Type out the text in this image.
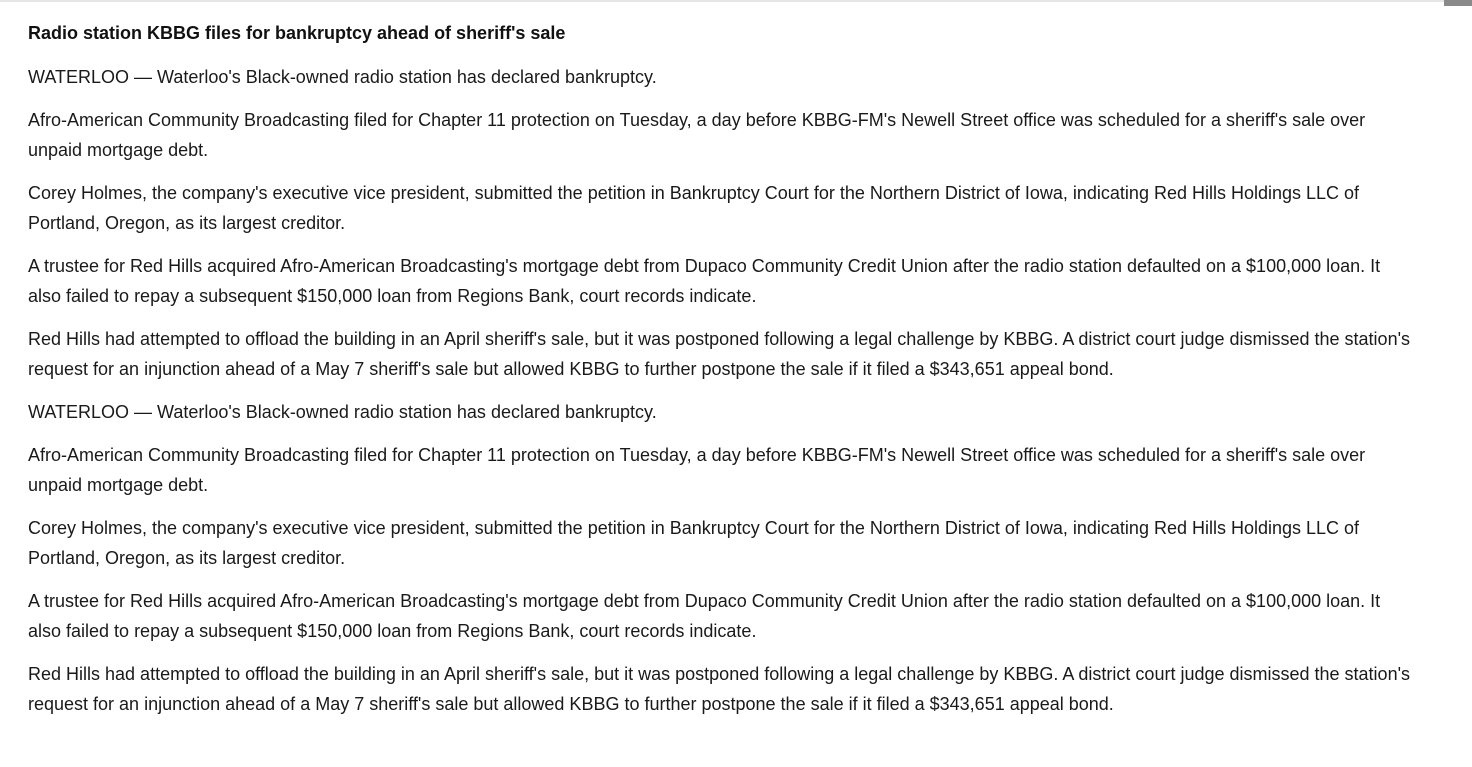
Radio station KBBG files for bankruptcy ahead of sheriff's sale

WATERLOO — Waterloo's Black-owned radio station has declared bankruptcy.

Afro-American Community Broadcasting filed for Chapter 11 protection on Tuesday, a day before KBBG-FM's Newell Street office was scheduled for a sheriff's sale over unpaid mortgage debt.

Corey Holmes, the company's executive vice president, submitted the petition in Bankruptcy Court for the Northern District of Iowa, indicating Red Hills Holdings LLC of Portland, Oregon, as its largest creditor.

A trustee for Red Hills acquired Afro-American Broadcasting's mortgage debt from Dupaco Community Credit Union after the radio station defaulted on a $100,000 loan. It also failed to repay a subsequent $150,000 loan from Regions Bank, court records indicate.

Red Hills had attempted to offload the building in an April sheriff's sale, but it was postponed following a legal challenge by KBBG. A district court judge dismissed the station's request for an injunction ahead of a May 7 sheriff's sale but allowed KBBG to further postpone the sale if it filed a $343,651 appeal bond.

WATERLOO — Waterloo's Black-owned radio station has declared bankruptcy.

Afro-American Community Broadcasting filed for Chapter 11 protection on Tuesday, a day before KBBG-FM's Newell Street office was scheduled for a sheriff's sale over unpaid mortgage debt.

Corey Holmes, the company's executive vice president, submitted the petition in Bankruptcy Court for the Northern District of Iowa, indicating Red Hills Holdings LLC of Portland, Oregon, as its largest creditor.

A trustee for Red Hills acquired Afro-American Broadcasting's mortgage debt from Dupaco Community Credit Union after the radio station defaulted on a $100,000 loan. It also failed to repay a subsequent $150,000 loan from Regions Bank, court records indicate.

Red Hills had attempted to offload the building in an April sheriff's sale, but it was postponed following a legal challenge by KBBG. A district court judge dismissed the station's request for an injunction ahead of a May 7 sheriff's sale but allowed KBBG to further postpone the sale if it filed a $343,651 appeal bond.
